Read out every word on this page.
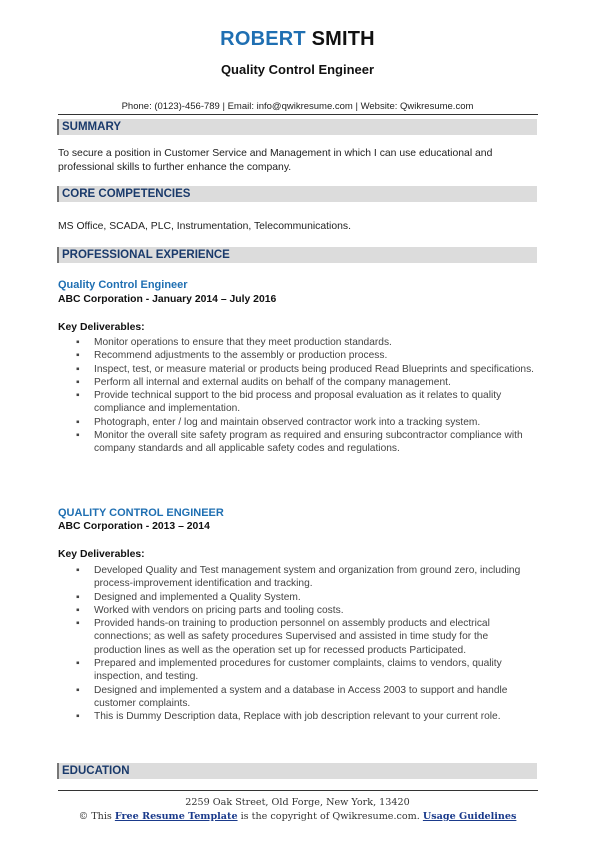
ROBERT SMITH
Quality Control Engineer
Phone: (0123)-456-789 | Email: info@qwikresume.com | Website: Qwikresume.com
SUMMARY
To secure a position in Customer Service and Management in which I can use educational and professional skills to further enhance the company.
CORE COMPETENCIES
MS Office, SCADA, PLC, Instrumentation, Telecommunications.
PROFESSIONAL EXPERIENCE
Quality Control Engineer
ABC Corporation - January 2014 – July 2016
Key Deliverables:
▪ Monitor operations to ensure that they meet production standards.
▪ Recommend adjustments to the assembly or production process.
▪ Inspect, test, or measure material or products being produced Read Blueprints and specifications.
▪ Perform all internal and external audits on behalf of the company management.
▪ Provide technical support to the bid process and proposal evaluation as it relates to quality compliance and implementation.
▪ Photograph, enter / log and maintain observed contractor work into a tracking system.
▪ Monitor the overall site safety program as required and ensuring subcontractor compliance with company standards and all applicable safety codes and regulations.
QUALITY CONTROL ENGINEER
ABC Corporation - 2013 – 2014
Key Deliverables:
▪ Developed Quality and Test management system and organization from ground zero, including process-improvement identification and tracking.
▪ Designed and implemented a Quality System.
▪ Worked with vendors on pricing parts and tooling costs.
▪ Provided hands-on training to production personnel on assembly products and electrical connections; as well as safety procedures Supervised and assisted in time study for the production lines as well as the operation set up for recessed products Participated.
▪ Prepared and implemented procedures for customer complaints, claims to vendors, quality inspection, and testing.
▪ Designed and implemented a system and a database in Access 2003 to support and handle customer complaints.
▪ This is Dummy Description data, Replace with job description relevant to your current role.
EDUCATION
2259 Oak Street, Old Forge, New York, 13420
© This Free Resume Template is the copyright of Qwikresume.com. Usage Guidelines
